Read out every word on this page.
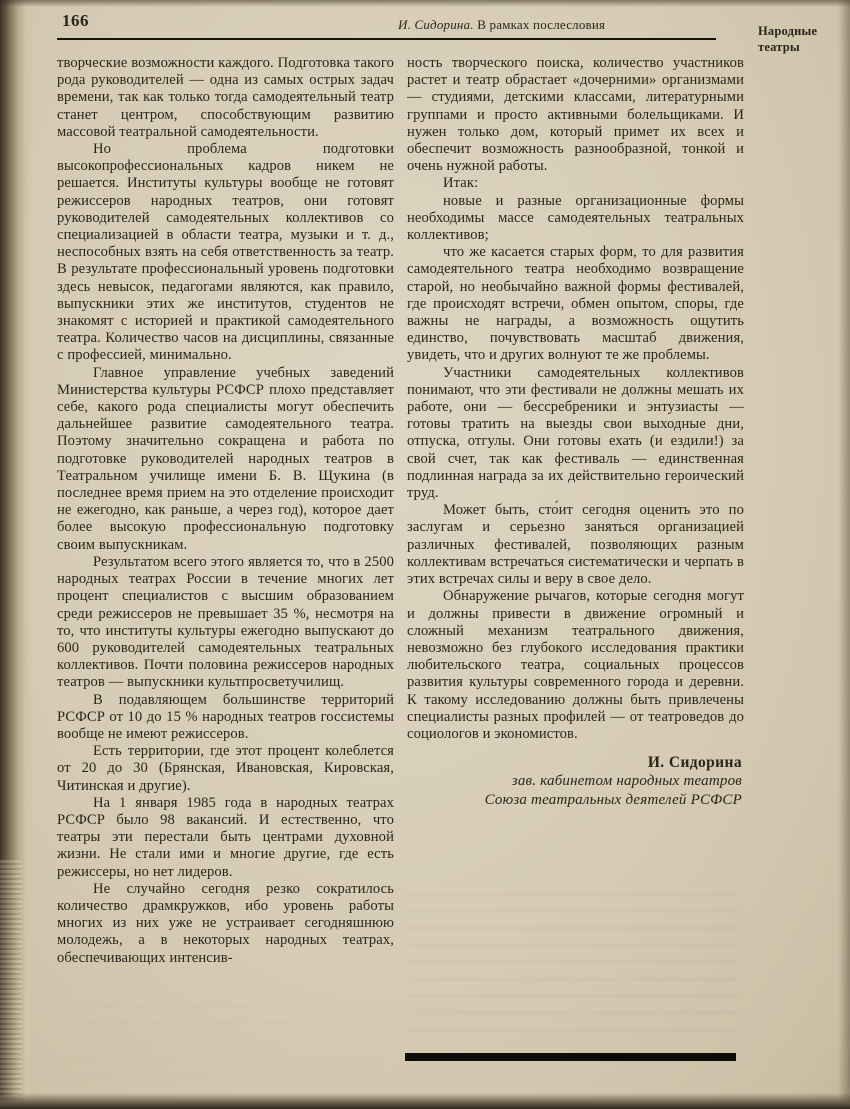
166	И. Сидорина. В рамках послесловия	Народные
театры

творческие возможности каждого. Подготовка такого рода руководителей — одна из самых острых задач времени, так как только тогда самодеятельный театр станет центром, способствующим развитию массовой театральной самодеятельности.

Но проблема подготовки высокопрофессиональных кадров никем не решается. Институты культуры вообще не готовят режиссеров народных театров, они готовят руководителей самодеятельных коллективов со специализацией в области театра, музыки и т. д., неспособных взять на себя ответственность за театр. В результате профессиональный уровень подготовки здесь невысок, педагогами являются, как правило, выпускники этих же институтов, студентов не знакомят с историей и практикой самодеятельного театра. Количество часов на дисциплины, связанные с профессией, минимально.

Главное управление учебных заведений Министерства культуры РСФСР плохо представляет себе, какого рода специалисты могут обеспечить дальнейшее развитие самодеятельного театра. Поэтому значительно сокращена и работа по подготовке руководителей народных театров в Театральном училище имени Б. В. Щукина (в последнее время прием на это отделение происходит не ежегодно, как раньше, а через год), которое дает более высокую профессиональную подготовку своим выпускникам.

Результатом всего этого является то, что в 2500 народных театрах России в течение многих лет процент специалистов с высшим образованием среди режиссеров не превышает 35 %, несмотря на то, что институты культуры ежегодно выпускают до 600 руководителей самодеятельных театральных коллективов. Почти половина режиссеров народных театров — выпускники культпросветучилищ.

В подавляющем большинстве территорий РСФСР от 10 до 15 % народных театров госсистемы вообще не имеют режиссеров.

Есть территории, где этот процент колеблется от 20 до 30 (Брянская, Ивановская, Кировская, Читинская и другие).

На 1 января 1985 года в народных театрах РСФСР было 98 вакансий. И естественно, что театры эти перестали быть центрами духовной жизни. Не стали ими и многие другие, где есть режиссеры, но нет лидеров.

Не случайно сегодня резко сократилось количество драмкружков, ибо уровень работы многих из них уже не устраивает сегодняшнюю молодежь, а в некоторых народных театрах, обеспечивающих интенсив-

ность творческого поиска, количество участников растет и театр обрастает «дочерними» организмами — студиями, детскими классами, литературными группами и просто активными болельщиками. И нужен только дом, который примет их всех и обеспечит возможность разнообразной, тонкой и очень нужной работы.

Итак:

новые и разные организационные формы необходимы массе самодеятельных театральных коллективов;

что же касается старых форм, то для развития самодеятельного театра необходимо возвращение старой, но необычайно важной формы фестивалей, где происходят встречи, обмен опытом, споры, где важны не награды, а возможность ощутить единство, почувствовать масштаб движения, увидеть, что и других волнуют те же проблемы.

Участники самодеятельных коллективов понимают, что эти фестивали не должны мешать их работе, они — бессребреники и энтузиасты — готовы тратить на выезды свои выходные дни, отпуска, отгулы. Они готовы ехать (и ездили!) за свой счет, так как фестиваль — единственная подлинная награда за их действительно героический труд.

Может быть, сто́ит сегодня оценить это по заслугам и серьезно заняться организацией различных фестивалей, позволяющих разным коллективам встречаться систематически и черпать в этих встречах силы и веру в свое дело.

Обнаружение рычагов, которые сегодня могут и должны привести в движение огромный и сложный механизм театрального движения, невозможно без глубокого исследования практики любительского театра, социальных процессов развития культуры современного города и деревни. К такому исследованию должны быть привлечены специалисты разных профилей — от театроведов до социологов и экономистов.

И. Сидорина
зав. кабинетом народных театров
Союза театральных деятелей РСФСР
